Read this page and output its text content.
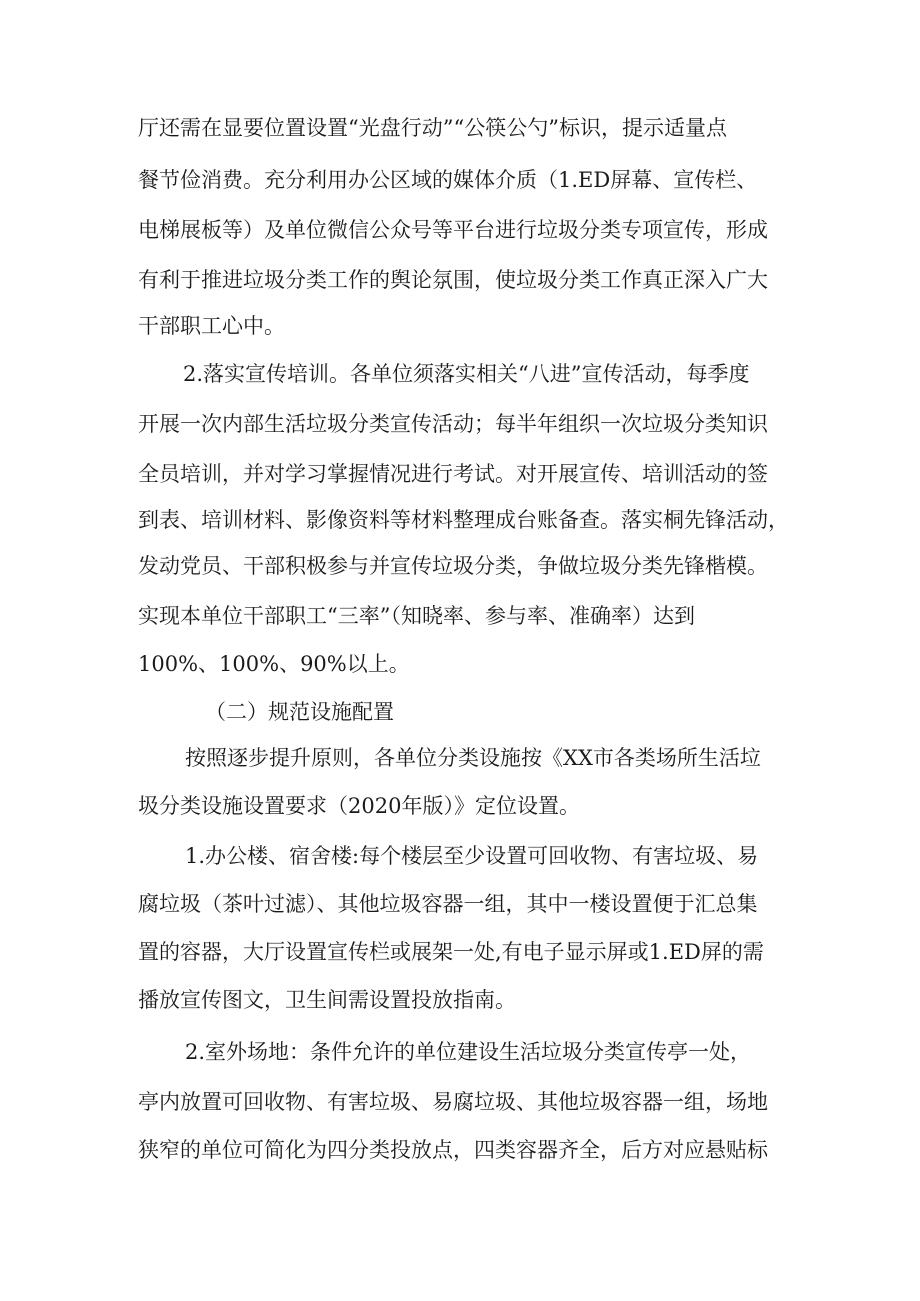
厅还需在显要位置设置“光盘行动”“公筷公勺”标识，提示适量点
餐节俭消费。充分利用办公区域的媒体介质（1.ED屏幕、宣传栏、
电梯展板等）及单位微信公众号等平台进行垃圾分类专项宣传，形成
有利于推进垃圾分类工作的舆论氛围，使垃圾分类工作真正深入广大
干部职工心中。
2.落实宣传培训。各单位须落实相关“八进”宣传活动，每季度
开展一次内部生活垃圾分类宣传活动；每半年组织一次垃圾分类知识
全员培训，并对学习掌握情况进行考试。对开展宣传、培训活动的签
到表、培训材料、影像资料等材料整理成台账备查。落实桐先锋活动，
发动党员、干部积极参与并宣传垃圾分类，争做垃圾分类先锋楷模。
实现本单位干部职工“三率”（知晓率、参与率、准确率）达到
100%、100%、90%以上。
（二）规范设施配置
按照逐步提升原则，各单位分类设施按《XX市各类场所生活垃
圾分类设施设置要求（2020年版）》定位设置。
1.办公楼、宿舍楼:每个楼层至少设置可回收物、有害垃圾、易
腐垃圾（茶叶过滤）、其他垃圾容器一组，其中一楼设置便于汇总集
置的容器，大厅设置宣传栏或展架一处,有电子显示屏或1.ED屏的需
播放宣传图文，卫生间需设置投放指南。
2.室外场地：条件允许的单位建设生活垃圾分类宣传亭一处，
亭内放置可回收物、有害垃圾、易腐垃圾、其他垃圾容器一组，场地
狭窄的单位可简化为四分类投放点，四类容器齐全，后方对应悬贴标
